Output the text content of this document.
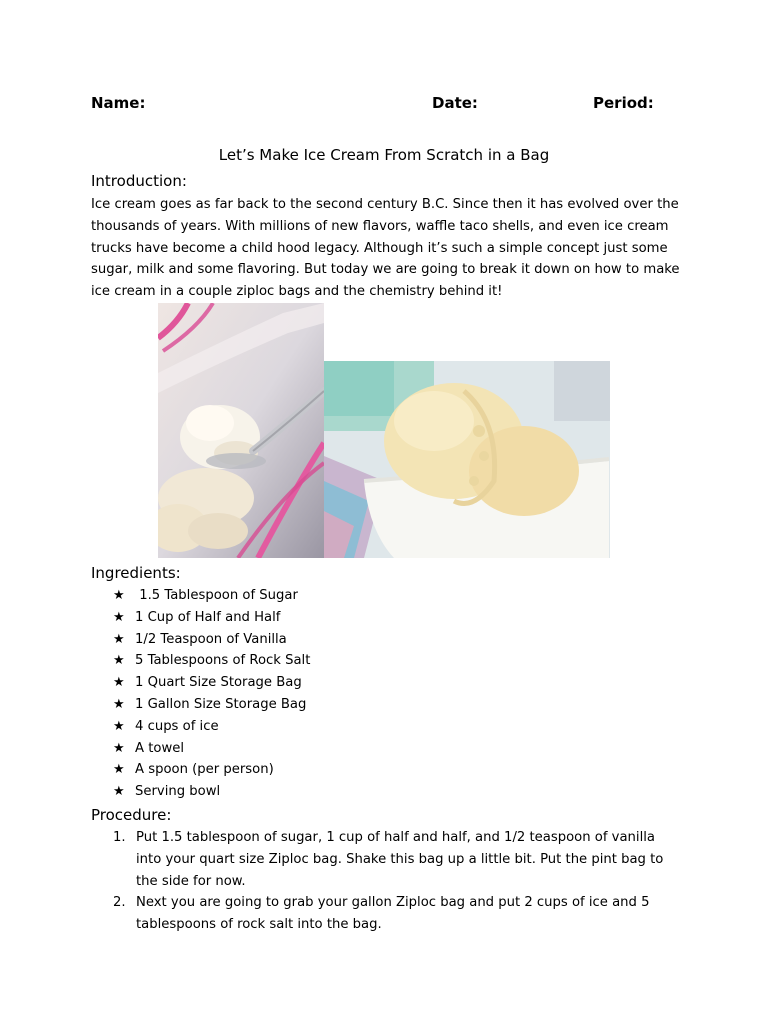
Name:	Date:	Period:
Let’s Make Ice Cream From Scratch in a Bag
Introduction:
Ice cream goes as far back to the second century B.C. Since then it has evolved over the thousands of years. With millions of new flavors, waffle taco shells, and even ice cream trucks have become a child hood legacy. Although it’s such a simple concept just some sugar, milk and some flavoring. But today we are going to break it down on how to make ice cream in a couple ziploc bags and the chemistry behind it!
Ingredients:
★ 1.5 Tablespoon of Sugar
★ 1 Cup of Half and Half
★ 1/2 Teaspoon of Vanilla
★ 5 Tablespoons of Rock Salt
★ 1 Quart Size Storage Bag
★ 1 Gallon Size Storage Bag
★ 4 cups of ice
★ A towel
★ A spoon (per person)
★ Serving bowl
Procedure:
1. Put 1.5 tablespoon of sugar, 1 cup of half and half, and 1/2 teaspoon of vanilla into your quart size Ziploc bag. Shake this bag up a little bit. Put the pint bag to the side for now.
2. Next you are going to grab your gallon Ziploc bag and put 2 cups of ice and 5 tablespoons of rock salt into the bag.
